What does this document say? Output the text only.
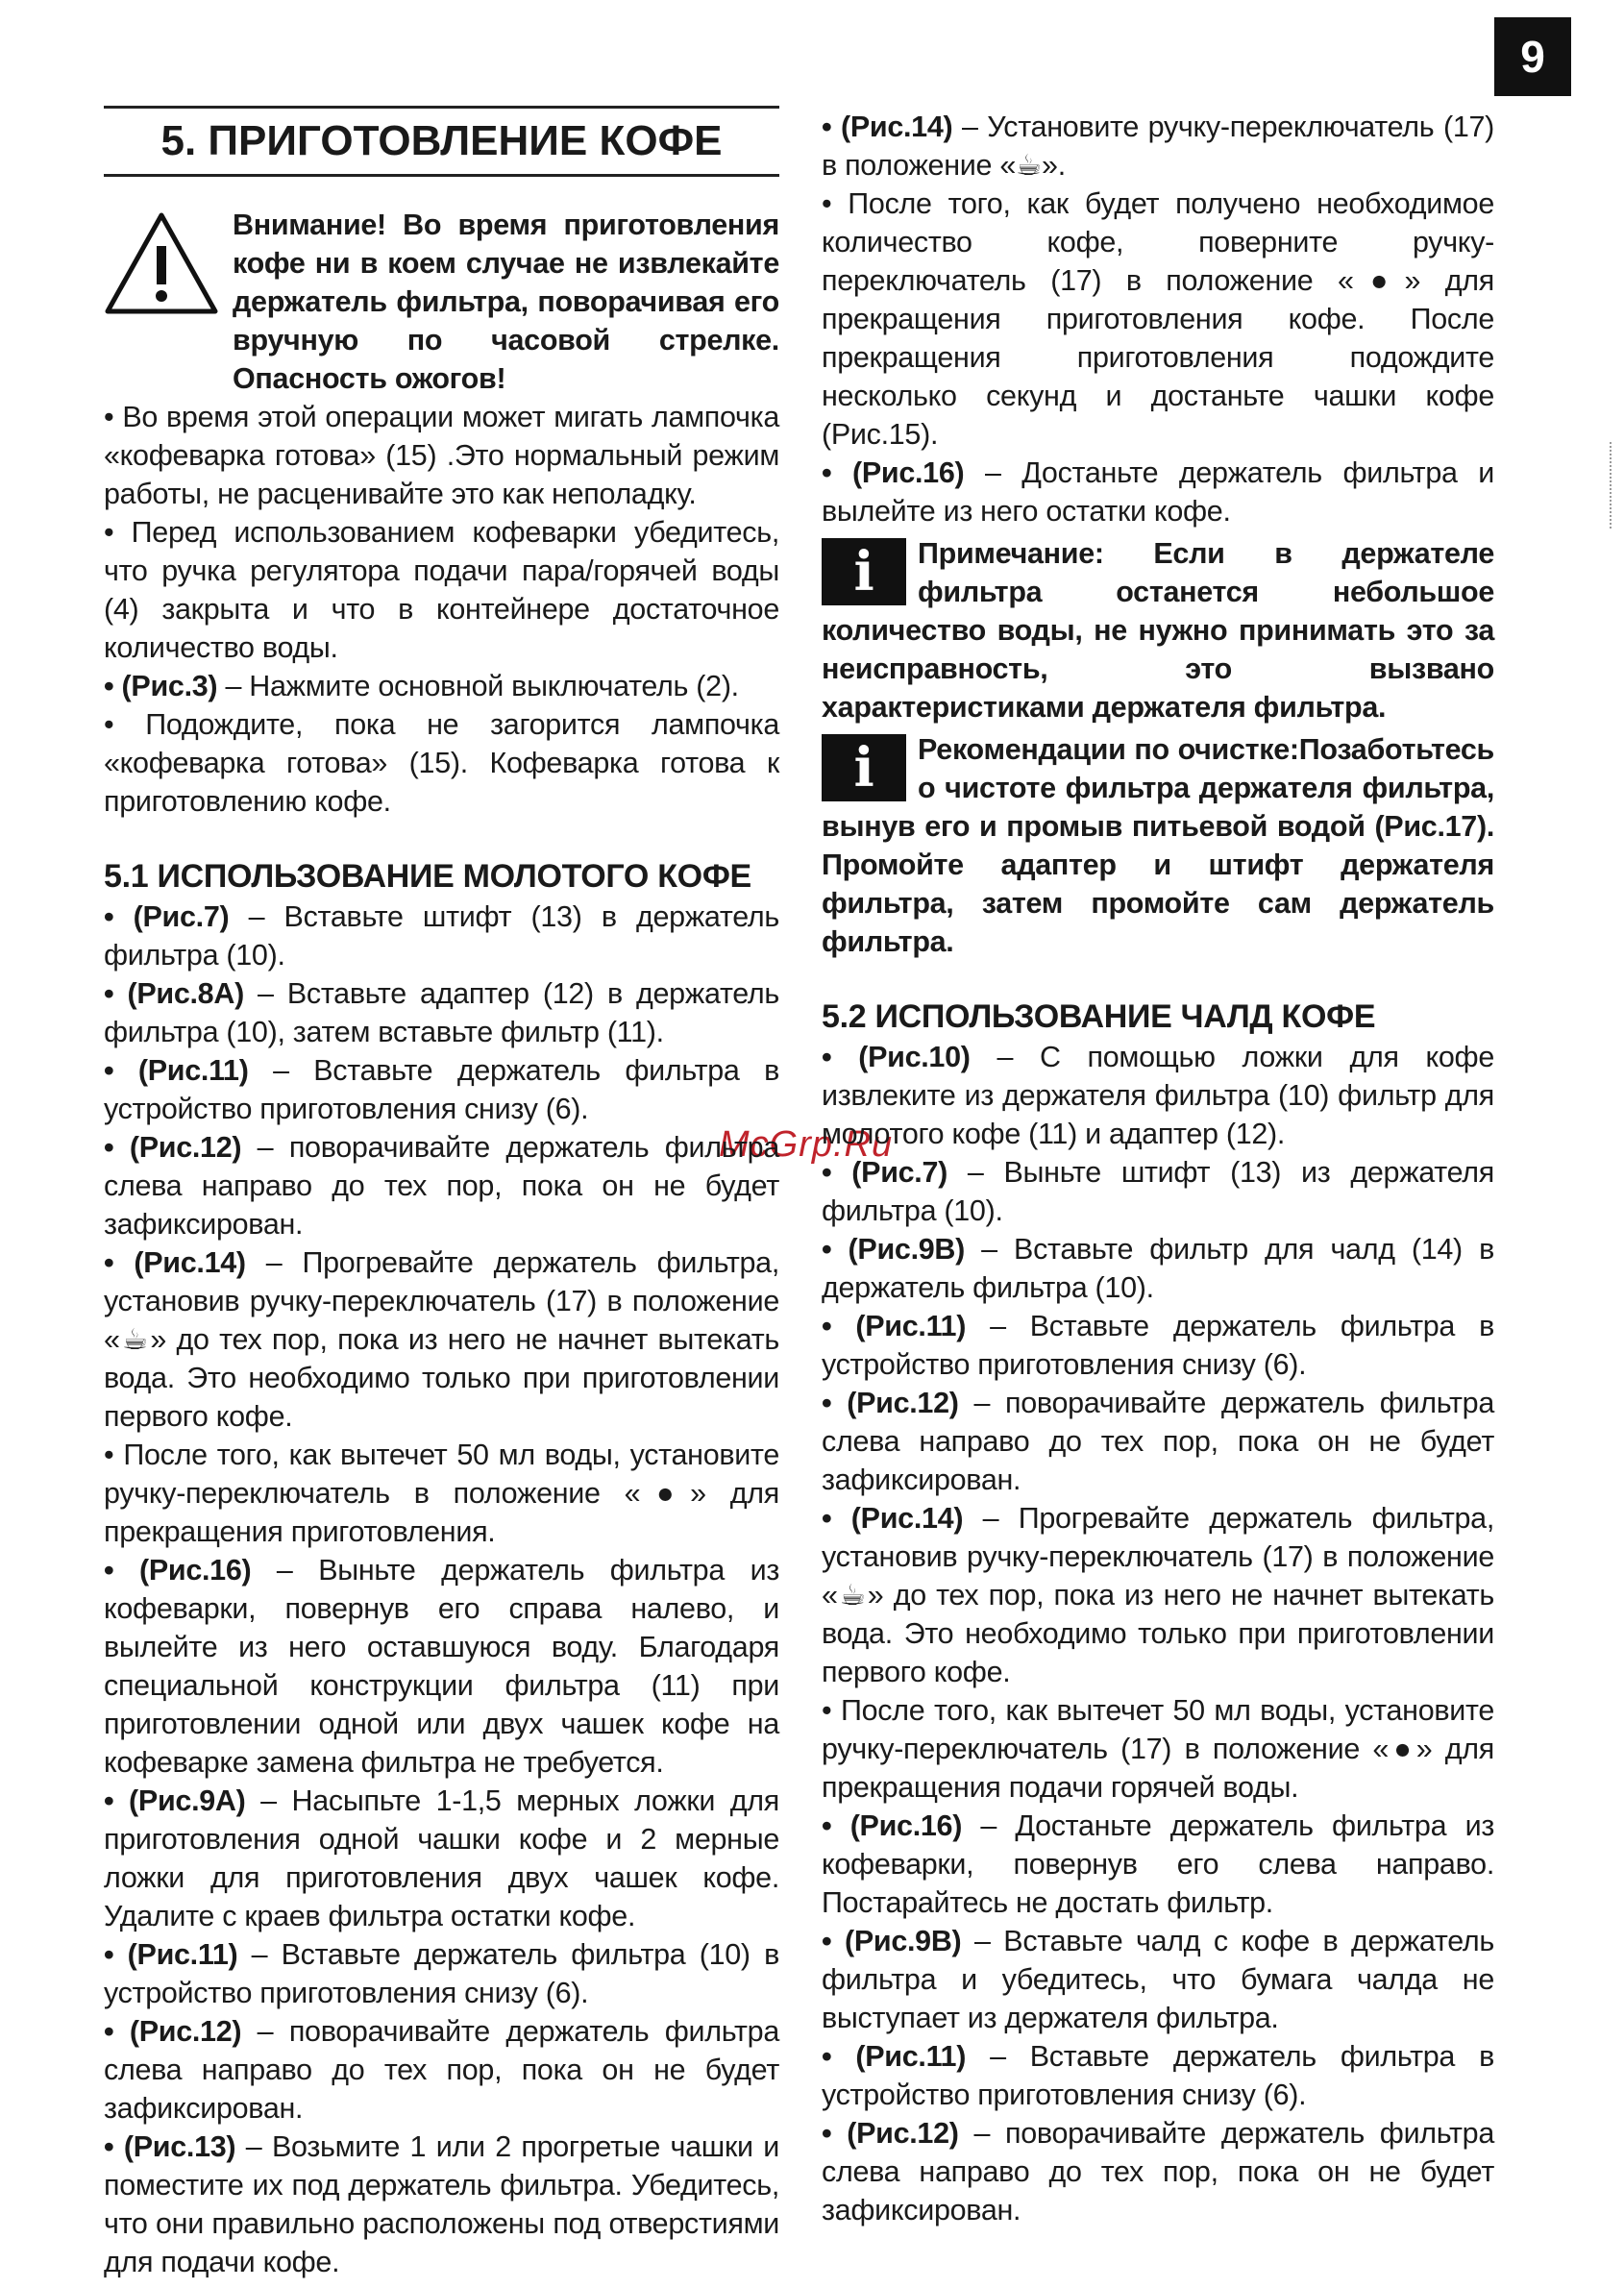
9
McGrp.Ru
5. ПРИГОТОВЛЕНИЕ КОФЕ
Внимание! Во время приготовления кофе ни в коем случае не извлекайте держатель фильтра, поворачивая его вручную по часовой стрелке. Опасность ожогов!

• Во время этой операции может мигать лампочка «кофеварка готова» (15) .Это нормальный режим работы, не расценивайте это как неполадку.

• Перед использованием кофеварки убедитесь, что ручка регулятора подачи пара/горячей воды (4) закрыта и что в контейнере достаточное количество воды.

• (Рис.3) – Нажмите основной выключатель (2).

• Подождите, пока не загорится лампочка «кофеварка готова» (15). Кофеварка готова к приготовлению кофе.

5.1 ИСПОЛЬЗОВАНИЕ МОЛОТОГО КОФЕ

• (Рис.7) – Вставьте штифт (13) в держатель фильтра (10).

• (Рис.8А) – Вставьте адаптер (12) в держатель фильтра (10), затем вставьте фильтр (11).

• (Рис.11) – Вставьте держатель фильтра в устройство приготовления снизу (6).

• (Рис.12) – поворачивайте держатель фильтра слева направо до тех пор, пока он не будет зафиксирован.

• (Рис.14) – Прогревайте держатель фильтра, установив ручку-переключатель (17) в положение «☕» до тех пор, пока из него не начнет вытекать вода. Это необходимо только при приготовлении первого кофе.

• После того, как вытечет 50 мл воды, установите ручку-переключатель в положение «●» для прекращения приготовления.

• (Рис.16) – Выньте держатель фильтра из кофеварки, повернув его справа налево, и вылейте из него оставшуюся воду. Благодаря специальной конструкции фильтра (11) при приготовлении одной или двух чашек кофе на кофеварке замена фильтра не требуется.

• (Рис.9А) – Насыпьте 1-1,5 мерных ложки для приготовления одной чашки кофе и 2 мерные ложки для приготовления двух чашек кофе. Удалите с краев фильтра остатки кофе.

• (Рис.11) – Вставьте держатель фильтра (10) в устройство приготовления снизу (6).

• (Рис.12) – поворачивайте держатель фильтра слева направо до тех пор, пока он не будет зафиксирован.

• (Рис.13) – Возьмите 1 или 2 прогретые чашки и поместите их под держатель фильтра. Убедитесь, что они правильно расположены под отверстиями для подачи кофе.

• (Рис.14) – Установите ручку-переключатель (17) в положение «☕».

• После того, как будет получено необходимое количество кофе, поверните ручку-переключатель (17) в положение «●» для прекращения приготовления кофе. После прекращения приготовления подождите несколько секунд и достаньте чашки кофе (Рис.15).

• (Рис.16) – Достаньте держатель фильтра и вылейте из него остатки кофе.

i	Примечание: Если в держателе фильтра останется небольшое количество воды, не нужно принимать это за неисправность, это вызвано характеристиками держателя фильтра.
i	Рекомендации по очистке:Позаботьтесь о чистоте фильтра держателя фильтра, вынув его и промыв питьевой водой (Рис.17). Промойте адаптер и штифт держателя фильтра, затем промойте сам держатель фильтра.
5.2 ИСПОЛЬЗОВАНИЕ ЧАЛД КОФЕ

• (Рис.10) – С помощью ложки для кофе извлеките из держателя фильтра (10) фильтр для молотого кофе (11) и адаптер (12).

• (Рис.7) – Выньте штифт (13) из держателя фильтра (10).

• (Рис.9В) – Вставьте фильтр для чалд (14) в держатель фильтра (10).

• (Рис.11) – Вставьте держатель фильтра в устройство приготовления снизу (6).

• (Рис.12) – поворачивайте держатель фильтра слева направо до тех пор, пока он не будет зафиксирован.

• (Рис.14) – Прогревайте держатель фильтра, установив ручку-переключатель (17) в положение «☕» до тех пор, пока из него не начнет вытекать вода. Это необходимо только при приготовлении первого кофе.

• После того, как вытечет 50 мл воды, установите ручку-переключатель (17) в положение «●» для прекращения подачи горячей воды.

• (Рис.16) – Достаньте держатель фильтра из кофеварки, повернув его слева направо. Постарайтесь не достать фильтр.

• (Рис.9В) – Вставьте чалд с кофе в держатель фильтра и убедитесь, что бумага чалда не выступает из держателя фильтра.

• (Рис.11) – Вставьте держатель фильтра в устройство приготовления снизу (6).

• (Рис.12) – поворачивайте держатель фильтра слева направо до тех пор, пока он не будет зафиксирован.
